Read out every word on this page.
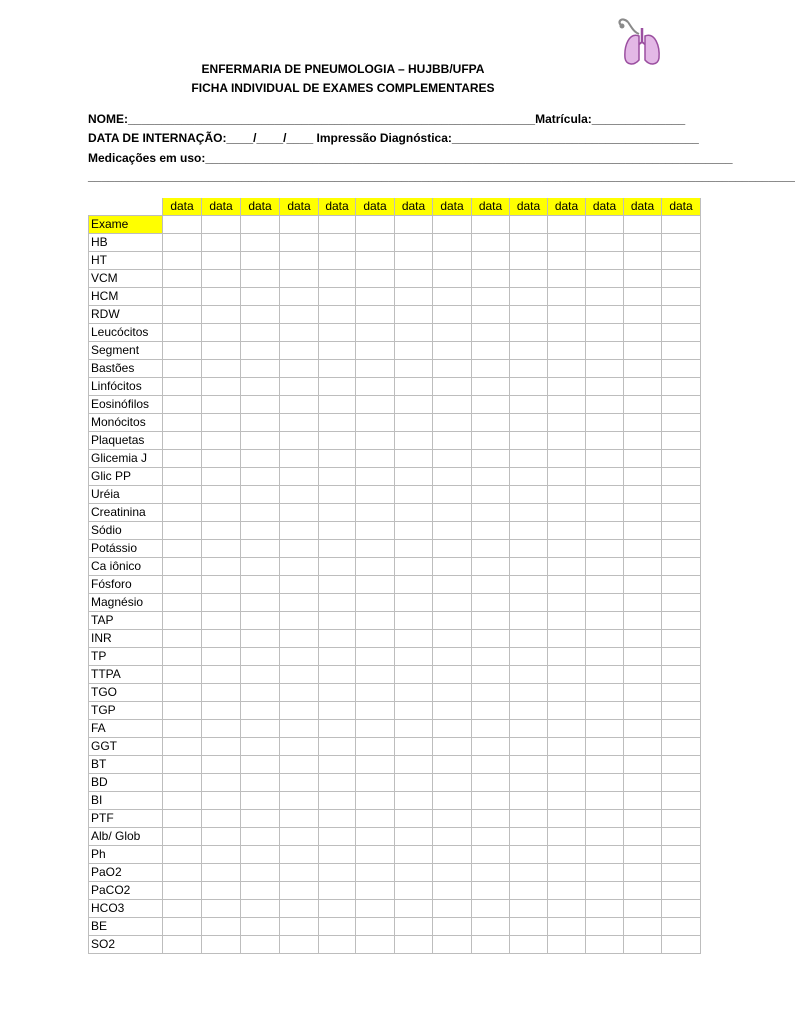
ENFERMARIA DE PNEUMOLOGIA – HUJBB/UFPA
FICHA INDIVIDUAL DE EXAMES COMPLEMENTARES
NOME:_____________________________________________________________Matrícula:______________
DATA DE INTERNAÇÃO:____/____/____ Impressão Diagnóstica:_____________________________________
Medicações em uso:_______________________________________________________________________________
__________________________________________________________________________________________________________
	data	data	data	data	data	data	data	data	data	data	data	data	data	data
Exame														
HB														
HT														
VCM														
HCM														
RDW														
Leucócitos														
Segment														
Bastões														
Linfócitos														
Eosinófilos														
Monócitos														
Plaquetas														
Glicemia J														
Glic PP														
Uréia														
Creatinina														
Sódio														
Potássio														
Ca iônico														
Fósforo														
Magnésio														
TAP														
INR														
TP														
TTPA														
TGO														
TGP														
FA														
GGT														
BT														
BD														
BI														
PTF														
Alb/ Glob														
Ph														
PaO2														
PaCO2														
HCO3														
BE														
SO2														
